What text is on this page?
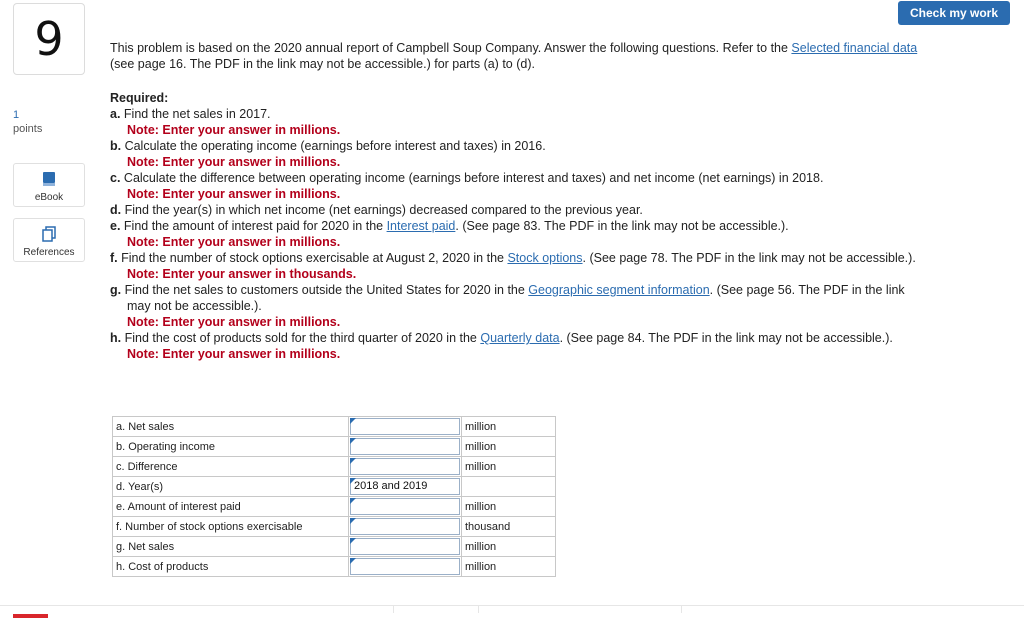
Check my work
9
1
points
eBook
References
This problem is based on the 2020 annual report of Campbell Soup Company. Answer the following questions. Refer to the Selected financial data (see page 16. The PDF in the link may not be accessible.) for parts (a) to (d).
Required:
a. Find the net sales in 2017.
Note: Enter your answer in millions.
b. Calculate the operating income (earnings before interest and taxes) in 2016.
Note: Enter your answer in millions.
c. Calculate the difference between operating income (earnings before interest and taxes) and net income (net earnings) in 2018.
Note: Enter your answer in millions.
d. Find the year(s) in which net income (net earnings) decreased compared to the previous year.
e. Find the amount of interest paid for 2020 in the Interest paid. (See page 83. The PDF in the link may not be accessible.).
Note: Enter your answer in millions.
f. Find the number of stock options exercisable at August 2, 2020 in the Stock options. (See page 78. The PDF in the link may not be accessible.).
Note: Enter your answer in thousands.
g. Find the net sales to customers outside the United States for 2020 in the Geographic segment information. (See page 56. The PDF in the link may not be accessible.).
Note: Enter your answer in millions.
h. Find the cost of products sold for the third quarter of 2020 in the Quarterly data. (See page 84. The PDF in the link may not be accessible.).
Note: Enter your answer in millions.
a. Net sales		million
b. Operating income		million
c. Difference		million
d. Year(s)	2018 and 2019	

e. Amount of interest paid		million
f. Number of stock options exercisable		thousand
g. Net sales		million
h. Cost of products		million
